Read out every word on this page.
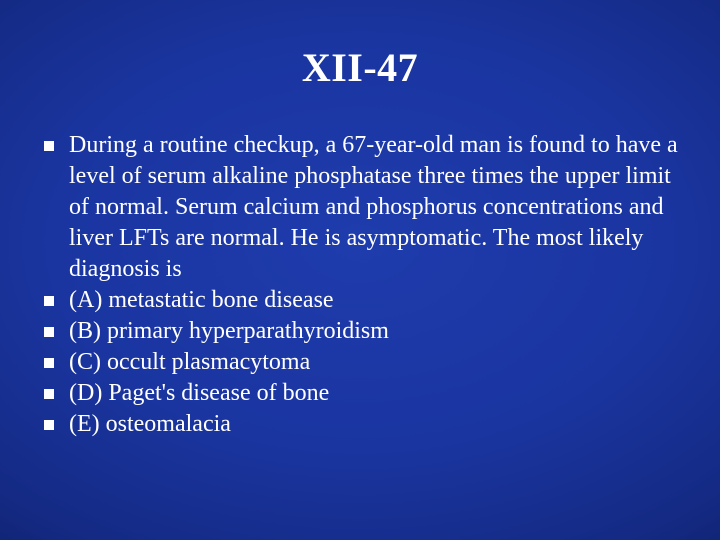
XII-47
During a routine checkup, a 67-year-old man is found to have a level of serum alkaline phosphatase three times the upper limit of normal. Serum calcium and phosphorus concentrations and liver LFTs are normal. He is asymptomatic. The most likely diagnosis is
(A) metastatic bone disease
(B) primary hyperparathyroidism
(C) occult plasmacytoma
(D) Paget's disease of bone
(E) osteomalacia
